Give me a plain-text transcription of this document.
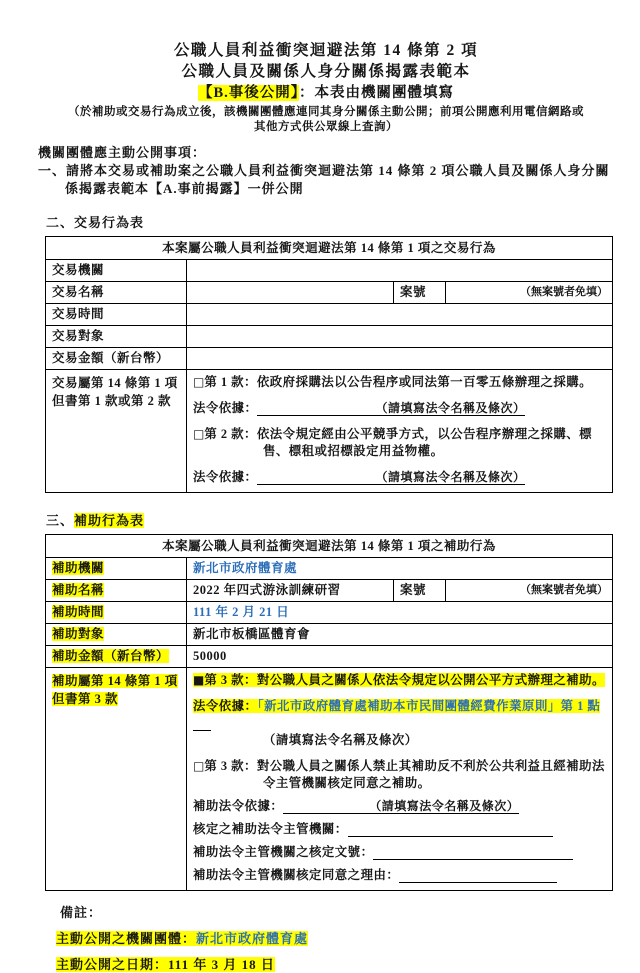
公職人員利益衝突迴避法第 14 條第 2 項
公職人員及關係人身分關係揭露表範本
【B.事後公開】：本表由機關團體填寫
（於補助或交易行為成立後，該機關團體應連同其身分關係主動公開；前項公開應利用電信網路或
其他方式供公眾線上查詢）
機關團體應主動公開事項：
一、請將本交易或補助案之公職人員利益衝突迴避法第 14 條第 2 項公職人員及關係人身分關係揭露表範本【A.事前揭露】一併公開
二、交易行為表
本案屬公職人員利益衝突迴避法第 14 條第 1 項之交易行為			
交易機關			
交易名稱		案號	（無案號者免填）
交易時間			
交易對象			
交易金額（新台幣）			

交易屬第 14 條第 1 項
但書第 1 款或第 2 款

□第 1 款：依政府採購法以公告程序或同法第一百零五條辦理之採購。

法令依據：	（請填寫法令名稱及條次）

□第 2 款：依法令規定經由公平競爭方式，以公告程序辦理之採購、標售、標租或招標設定用益物權。

法令依據：	（請填寫法令名稱及條次）

三、補助行為表
本案屬公職人員利益衝突迴避法第 14 條第 1 項之補助行為			
補助機關	新北市政府體育處		
補助名稱	2022 年四式游泳訓練研習	案號	（無案號者免填）
補助時間	111 年 2 月 21 日		
補助對象	新北市板橋區體育會		
補助金額（新台幣）	50000		

補助屬第 14 條第 1 項
但書第 3 款

■第 3 款：對公職人員之關係人依法令規定以公開公平方式辦理之補助。

法令依據：「新北市政府體育處補助本市民間團體經費作業原則」第 1 點

（請填寫法令名稱及條次）

□第 3 款：對公職人員之關係人禁止其補助反不利於公共利益且經補助法令主管機關核定同意之補助。

補助法令依據：	（請填寫法令名稱及條次）

核定之補助法令主管機關：

補助法令主管機關之核定文號：

補助法令主管機關核定同意之理由：

備註：
主動公開之機關團體：新北市政府體育處
主動公開之日期：111 年 3 月 18 日
